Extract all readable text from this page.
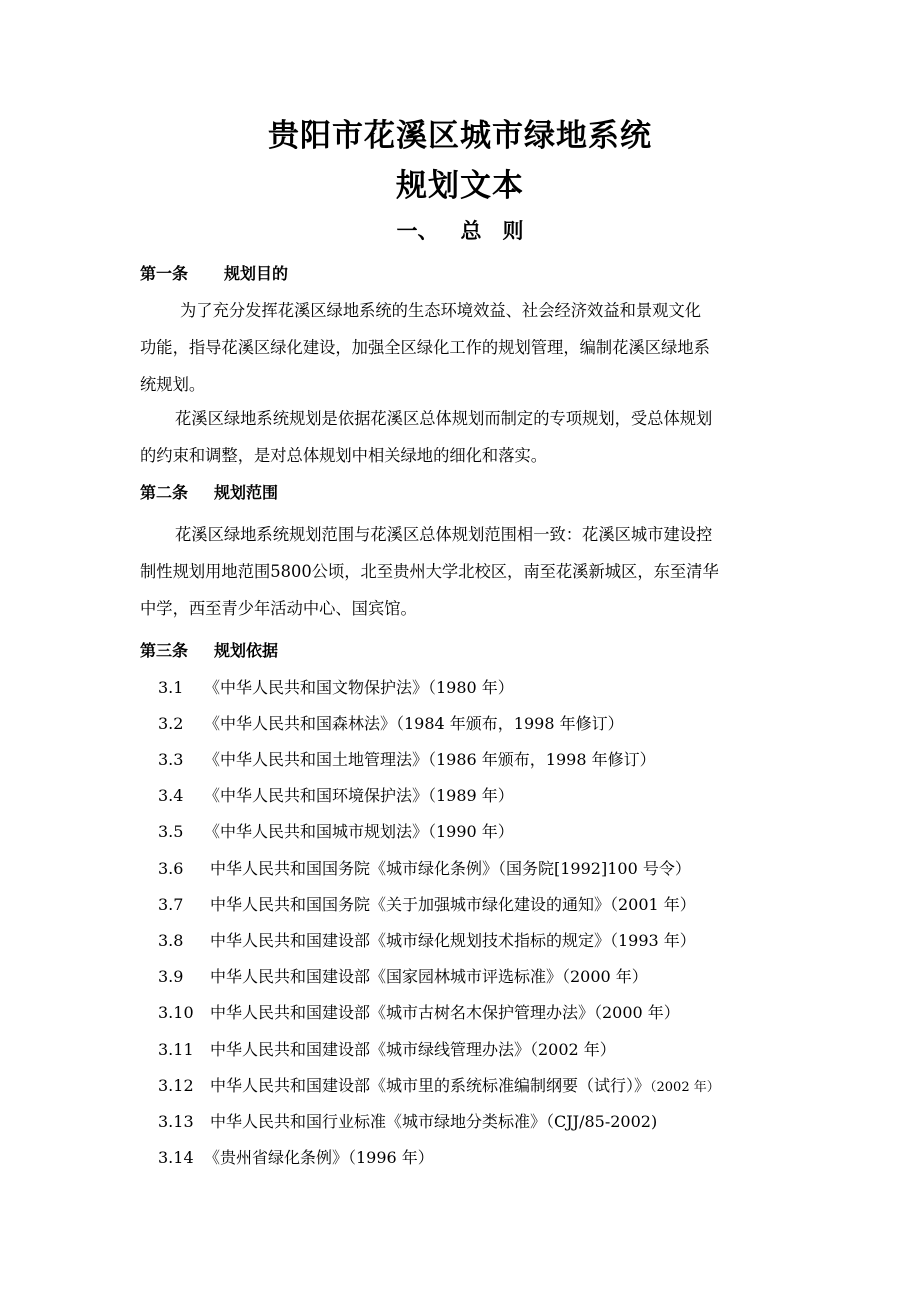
贵阳市花溪区城市绿地系统
规划文本
一、 总　则
第一条 规划目的
为了充分发挥花溪区绿地系统的生态环境效益、社会经济效益和景观文化
功能，指导花溪区绿化建设，加强全区绿化工作的规划管理，编制花溪区绿地系
统规划。
花溪区绿地系统规划是依据花溪区总体规划而制定的专项规划，受总体规划
的约束和调整，是对总体规划中相关绿地的细化和落实。
第二条 规划范围
花溪区绿地系统规划范围与花溪区总体规划范围相一致：花溪区城市建设控
制性规划用地范围5800公顷，北至贵州大学北校区，南至花溪新城区，东至清华
中学，西至青少年活动中心、国宾馆。
第三条 规划依据
3.1 《中华人民共和国文物保护法》（1980 年）
3.2 《中华人民共和国森林法》（1984 年颁布，1998 年修订）
3.3 《中华人民共和国土地管理法》（1986 年颁布，1998 年修订）
3.4 《中华人民共和国环境保护法》（1989 年）
3.5 《中华人民共和国城市规划法》（1990 年）
3.6 中华人民共和国国务院《城市绿化条例》（国务院[1992]100 号令）
3.7 中华人民共和国国务院《关于加强城市绿化建设的通知》（2001 年）
3.8 中华人民共和国建设部《城市绿化规划技术指标的规定》（1993 年）
3.9 中华人民共和国建设部《国家园林城市评选标准》（2000 年）
3.10 中华人民共和国建设部《城市古树名木保护管理办法》（2000 年）
3.11 中华人民共和国建设部《城市绿线管理办法》（2002 年）
3.12 中华人民共和国建设部《城市里的系统标准编制纲要（试行）》（2002 年）
3.13 中华人民共和国行业标准《城市绿地分类标准》（CJJ/85-2002)
3.14 《贵州省绿化条例》（1996 年）
